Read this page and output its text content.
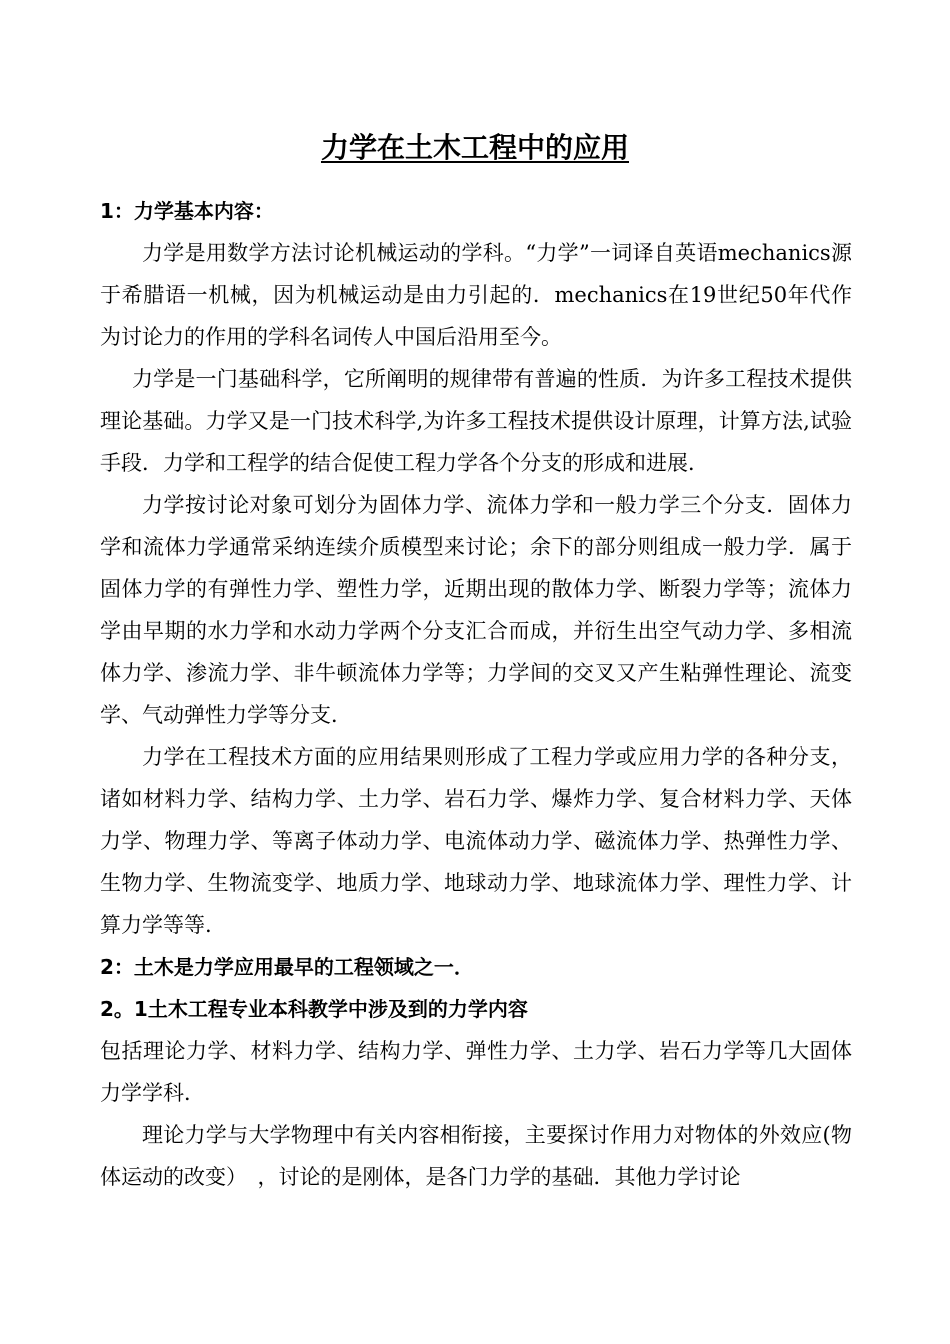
力学在土木工程中的应用
1：力学基本内容：

力学是用数学方法讨论机械运动的学科。“力学”一词译自英语mechanics源于希腊语一机械，因为机械运动是由力引起的．mechanics在19世纪50年代作为讨论力的作用的学科名词传人中国后沿用至今。

力学是一门基础科学，它所阐明的规律带有普遍的性质．为许多工程技术提供理论基础。力学又是一门技术科学,为许多工程技术提供设计原理，计算方法,试验手段．力学和工程学的结合促使工程力学各个分支的形成和进展．

力学按讨论对象可划分为固体力学、流体力学和一般力学三个分支．固体力学和流体力学通常采纳连续介质模型来讨论；余下的部分则组成一般力学．属于固体力学的有弹性力学、塑性力学，近期出现的散体力学、断裂力学等；流体力学由早期的水力学和水动力学两个分支汇合而成，并衍生出空气动力学、多相流体力学、渗流力学、非牛顿流体力学等；力学间的交叉又产生粘弹性理论、流变学、气动弹性力学等分支．

力学在工程技术方面的应用结果则形成了工程力学或应用力学的各种分支，诸如材料力学、结构力学、土力学、岩石力学、爆炸力学、复合材料力学、天体力学、物理力学、等离子体动力学、电流体动力学、磁流体力学、热弹性力学、生物力学、生物流变学、地质力学、地球动力学、地球流体力学、理性力学、计算力学等等.

2：土木是力学应用最早的工程领域之一．
2。1土木工程专业本科教学中涉及到的力学内容

包括理论力学、材料力学、结构力学、弹性力学、土力学、岩石力学等几大固体力学学科．

理论力学与大学物理中有关内容相衔接，主要探讨作用力对物体的外效应(物体运动的改变）　，讨论的是刚体，是各门力学的基础．其他力学讨论
